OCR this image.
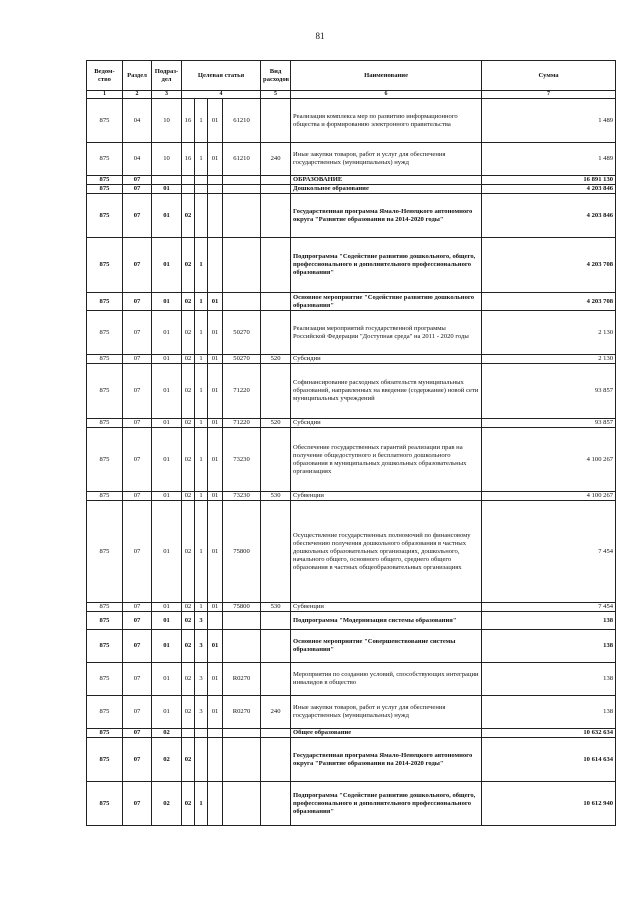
81
Ведом-ство	Раздел	Подраз-дел	Целевая статья				Вид расходов	Наименование	Сумма
1	2	3	4				5	6	7
875	04	10	16	1	01	61210		Реализация комплекса мер по развитию информационного общества и формированию электронного правительства	1 489
875	04	10	16	1	01	61210	240	Иные закупки товаров, работ и услуг для обеспечения государственных (муниципальных) нужд	1 489
875	07							ОБРАЗОВАНИЕ	16 891 130
875	07	01						Дошкольное образование	4 203 846
875	07	01	02					Государственная программа Ямало-Ненецкого автономного округа "Развитие образования на 2014-2020 годы"	4 203 846
875	07	01	02	1				Подпрограмма "Содействие развитию дошкольного, общего, профессионального и дополнительного профессионального образования"	4 203 708
875	07	01	02	1	01			Основное мероприятие "Содействие развитию дошкольного образования"	4 203 708
875	07	01	02	1	01	50270		Реализация мероприятий государственной программы Российской Федерации "Доступная среда" на 2011 - 2020 годы	2 130
875	07	01	02	1	01	50270	520	Субсидии	2 130
875	07	01	02	1	01	71220		Софинансирование расходных обязательств муниципальных образований, направленных на введение (содержание) новой сети муниципальных учреждений	93 857
875	07	01	02	1	01	71220	520	Субсидии	93 857
875	07	01	02	1	01	73230		Обеспечение государственных гарантий реализации прав на получение общедоступного и бесплатного дошкольного образования в муниципальных дошкольных образовательных организациях	4 100 267
875	07	01	02	1	01	73230	530	Субвенции	4 100 267
875	07	01	02	1	01	75800		Осуществление государственных полномочий по финансовому обеспечению получения дошкольного образования в частных дошкольных образовательных организациях, дошкольного, начального общего, основного общего, среднего общего образования в частных общеобразовательных организациях	7 454
875	07	01	02	1	01	75800	530	Субвенции	7 454
875	07	01	02	3				Подпрограмма "Модернизация системы образования"	138
875	07	01	02	3	01			Основное мероприятие "Совершенствование системы образования"	138
875	07	01	02	3	01	R0270		Мероприятия по созданию условий, способствующих интеграции инвалидов в общество	138
875	07	01	02	3	01	R0270	240	Иные закупки товаров, работ и услуг для обеспечения государственных (муниципальных) нужд	138
875	07	02						Общее образование	10 632 634
875	07	02	02					Государственная программа Ямало-Ненецкого автономного округа "Развитие образования на 2014-2020 годы"	10 614 634
875	07	02	02	1				Подпрограмма "Содействие развитию дошкольного, общего, профессионального и дополнительного профессионального образования"	10 612 940
